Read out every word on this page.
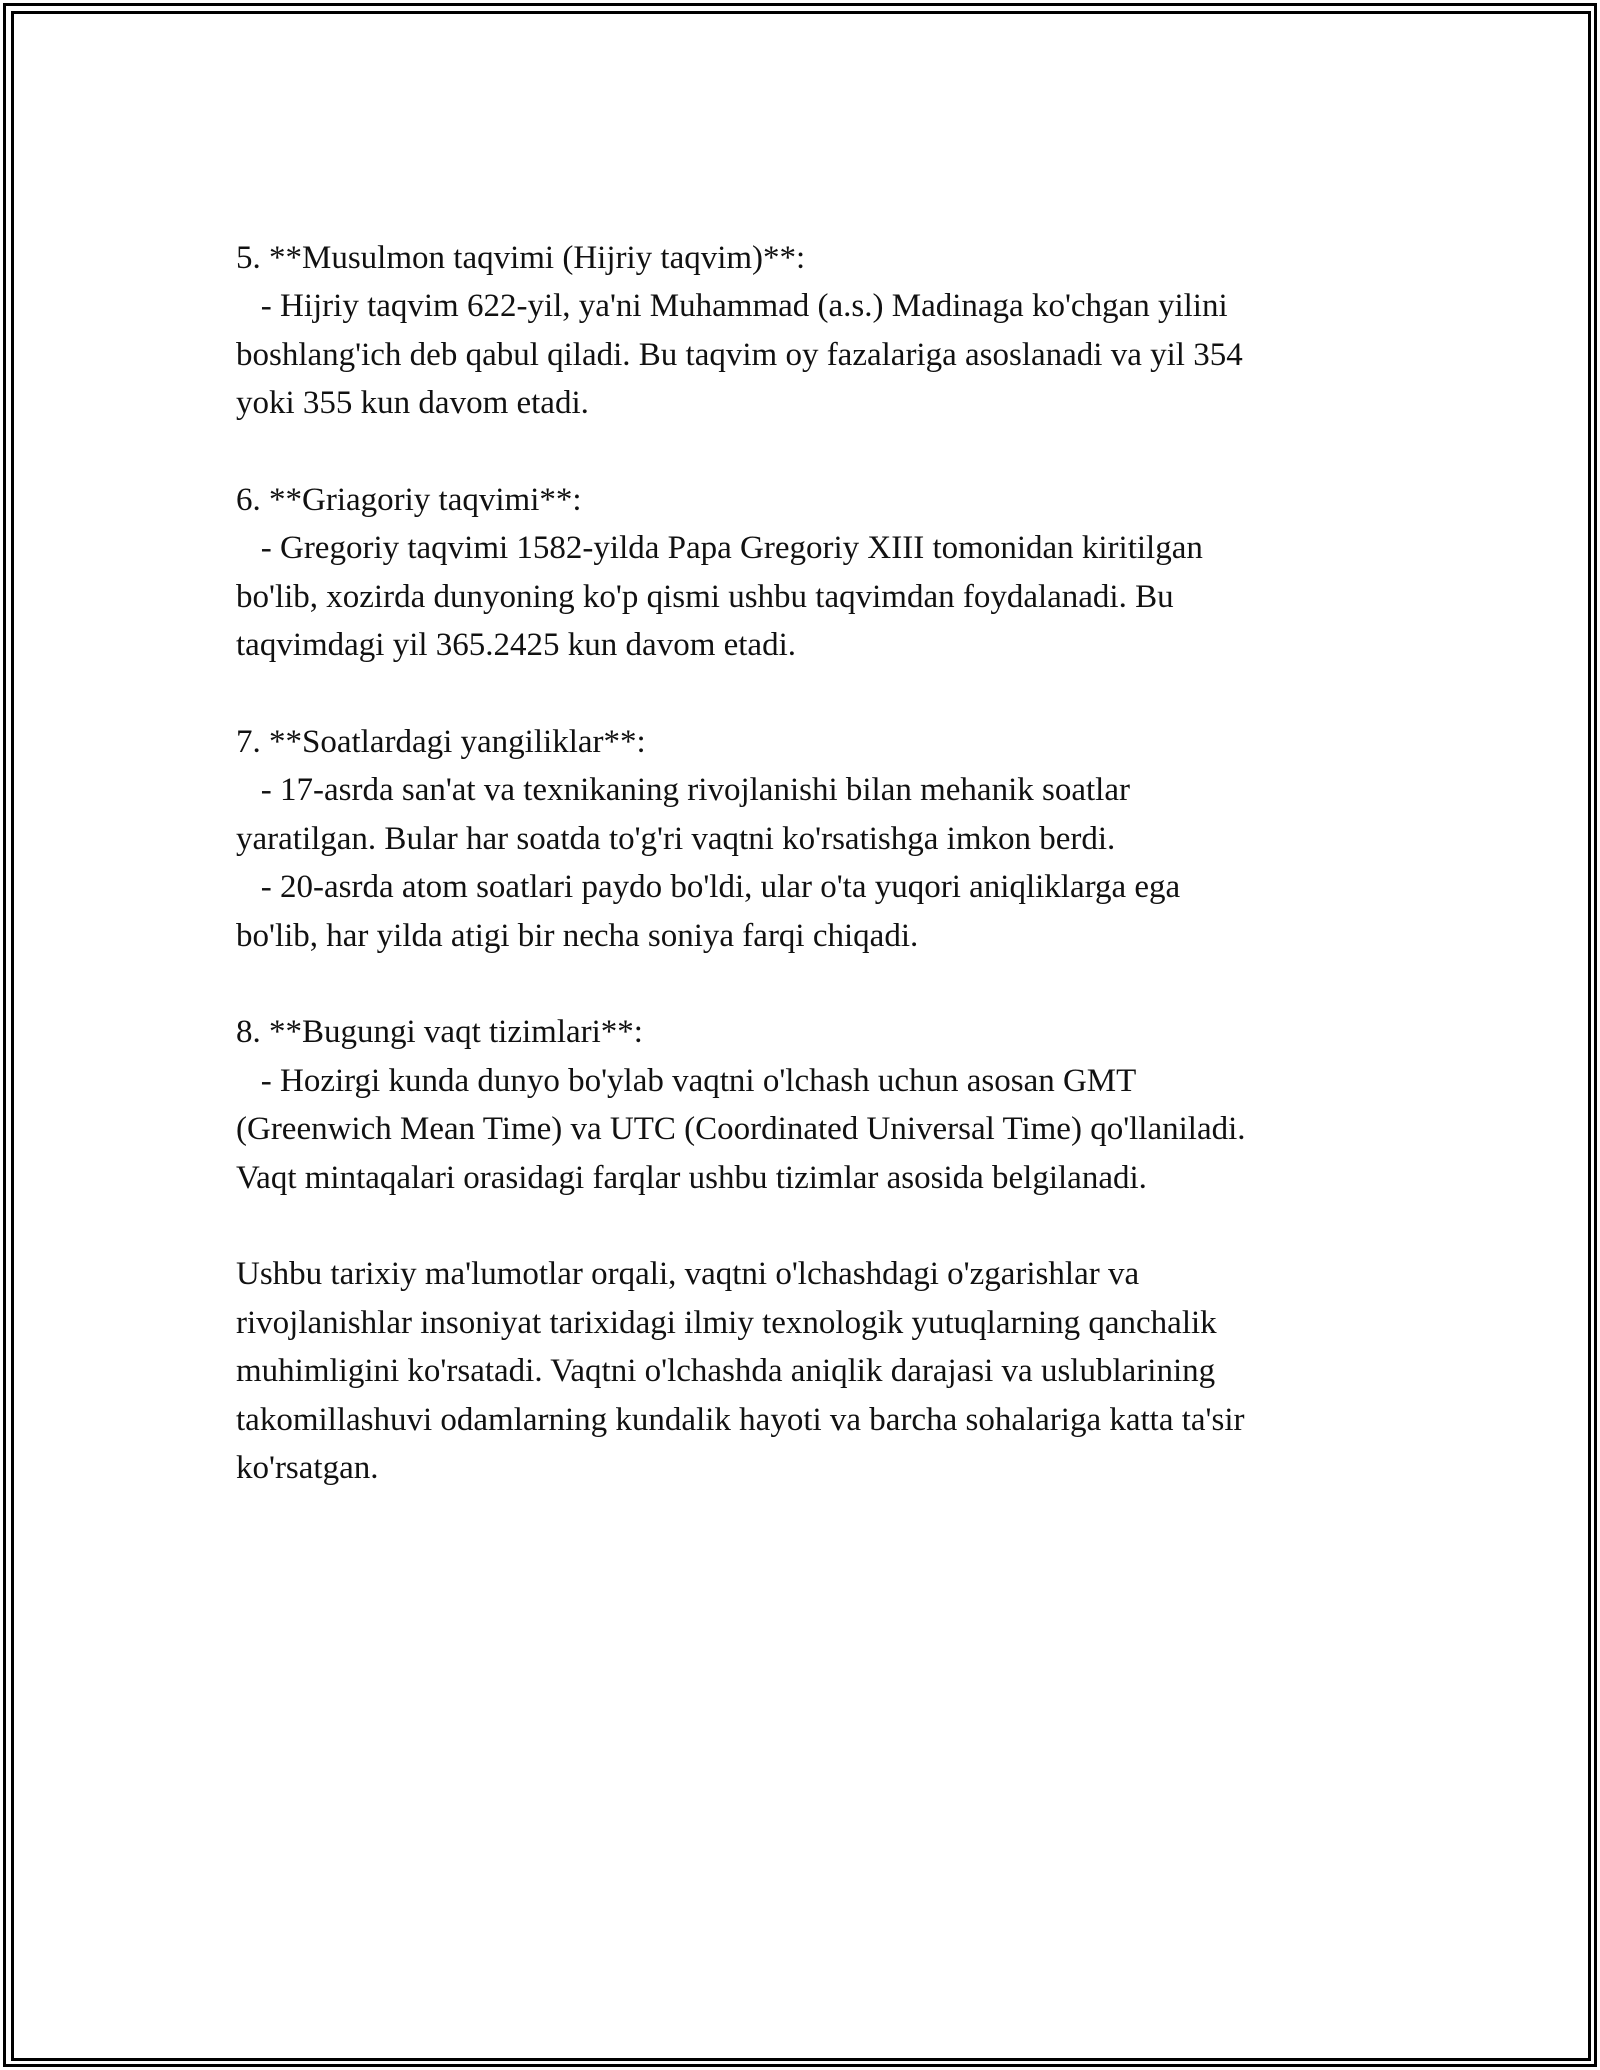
5. **Musulmon taqvimi (Hijriy taqvim)**:
- Hijriy taqvim 622-yil, ya'ni Muhammad (a.s.) Madinaga ko'chgan yilini
boshlang'ich deb qabul qiladi. Bu taqvim oy fazalariga asoslanadi va yil 354
yoki 355 kun davom etadi.
6. **Griagoriy taqvimi**:
- Gregoriy taqvimi 1582-yilda Papa Gregoriy XIII tomonidan kiritilgan
bo'lib, xozirda dunyoning ko'p qismi ushbu taqvimdan foydalanadi. Bu
taqvimdagi yil 365.2425 kun davom etadi.
7. **Soatlardagi yangiliklar**:
- 17-asrda san'at va texnikaning rivojlanishi bilan mehanik soatlar
yaratilgan. Bular har soatda to'g'ri vaqtni ko'rsatishga imkon berdi.
- 20-asrda atom soatlari paydo bo'ldi, ular o'ta yuqori aniqliklarga ega
bo'lib, har yilda atigi bir necha soniya farqi chiqadi.
8. **Bugungi vaqt tizimlari**:
- Hozirgi kunda dunyo bo'ylab vaqtni o'lchash uchun asosan GMT
(Greenwich Mean Time) va UTC (Coordinated Universal Time) qo'llaniladi.
Vaqt mintaqalari orasidagi farqlar ushbu tizimlar asosida belgilanadi.
Ushbu tarixiy ma'lumotlar orqali, vaqtni o'lchashdagi o'zgarishlar va
rivojlanishlar insoniyat tarixidagi ilmiy texnologik yutuqlarning qanchalik
muhimligini ko'rsatadi. Vaqtni o'lchashda aniqlik darajasi va uslublarining
takomillashuvi odamlarning kundalik hayoti va barcha sohalariga katta ta'sir
ko'rsatgan.
